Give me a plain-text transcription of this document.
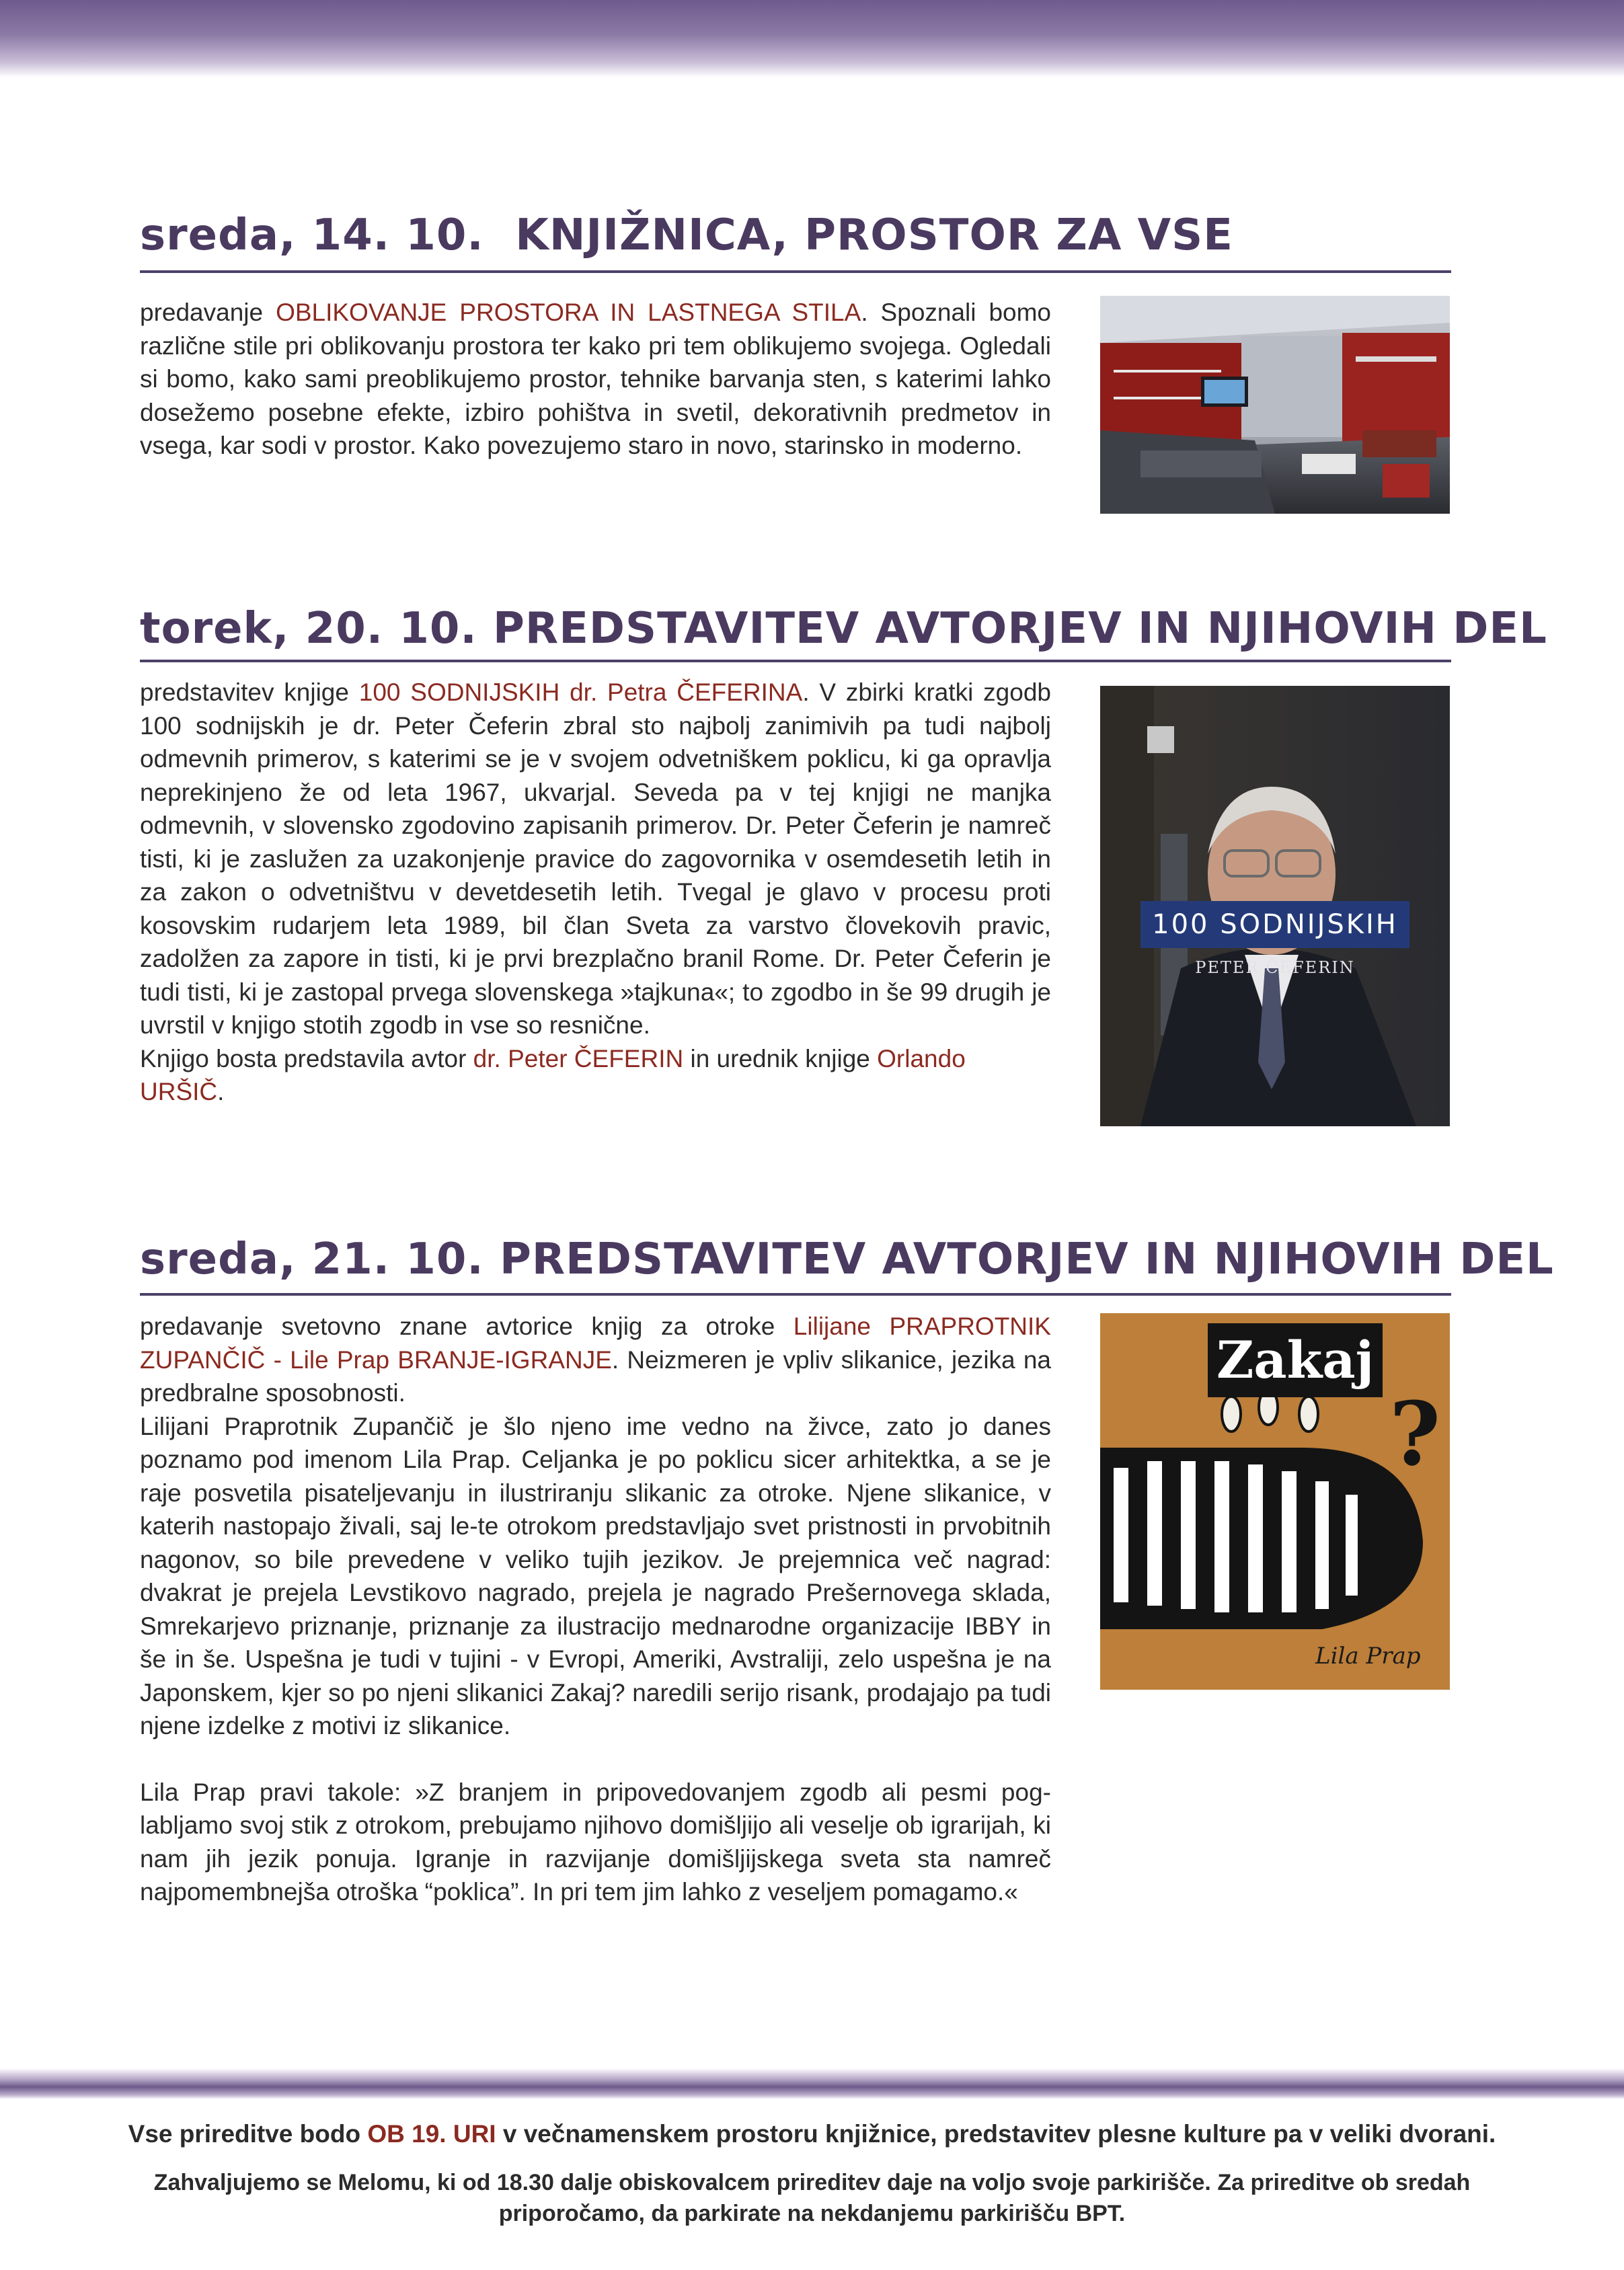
sreda, 14. 10. KNJIŽNICA, PROSTOR ZA VSE

predavanje OBLIKOVANJE PROSTORA IN LASTNEGA STILA. Spoznali bomo različne stile pri oblikovanju prostora ter kako pri tem oblikujemo svojega. Ogledali si bomo, kako sami preoblikujemo prostor, tehnike barvanja sten, s katerimi lahko dosežemo posebne efekte, izbiro pohištva in svetil, dekorativnih predmetov in vsega, kar sodi v prostor. Kako povezujemo staro in novo, starinsko in moderno.

torek, 20. 10. PREDSTAVITEV AVTORJEV IN NJIHOVIH DEL

predstavitev knjige 100 SODNIJSKIH dr. Petra ČEFERINA. V zbirki kratki zgodb 100 sodnijskih je dr. Peter Čeferin zbral sto najbolj zanimivih pa tudi najbolj odmevnih primerov, s katerimi se je v svojem odvetniškem poklicu, ki ga opravlja neprekinjeno že od leta 1967, ukvarjal. Seveda pa v tej knjigi ne manjka odmevnih, v slovensko zgodovino zapisanih primerov. Dr. Peter Čeferin je namreč tisti, ki je zaslužen za uzakonjenje pravice do zagovornika v osemdesetih letih in za zakon o odvetništvu v devetdesetih letih. Tvegal je glavo v procesu proti kosovskim rudarjem leta 1989, bil član Sveta za varstvo človekovih pravic, zadolžen za zapore in tisti, ki je prvi brezplačno branil Rome. Dr. Peter Čeferin je tudi tisti, ki je zastopal prvega slovenskega »tajkuna«; to zgodbo in še 99 drugih je uvrstil v knjigo stotih zgodb in vse so resnične.

Knjigo bosta predstavila avtor dr. Peter ČEFERIN in urednik knjige Orlando URŠIČ.

100 SODNIJSKIH
PETER ČEFERIN
sreda, 21. 10. PREDSTAVITEV AVTORJEV IN NJIHOVIH DEL

predavanje svetovno znane avtorice knjig za otroke Lilijane PRAPROTNIK ZUPANČIČ - Lile Prap BRANJE-IGRANJE. Neizmeren je vpliv slikanice, jezika na predbralne sposobnosti.

Lilijani Praprotnik Zupančič je šlo njeno ime vedno na živce, zato jo danes poznamo pod imenom Lila Prap. Celjanka je po poklicu sicer arhitektka, a se je raje posvetila pisateljevanju in ilustriranju slikanic za otroke. Njene slikanice, v katerih nastopajo živali, saj le-te otrokom predstavljajo svet pristnosti in prvobitnih nagonov, so bile prevedene v veliko tujih jezikov. Je prejemnica več nagrad: dvakrat je prejela Levstikovo nagrado, prejela je nagrado Prešernovega sklada, Smrekarjevo priznanje, priznanje za ilustracijo mednarodne organizacije IBBY in še in še. Uspešna je tudi v tujini - v Evropi, Ameriki, Avstraliji, zelo uspešna je na Japonskem, kjer so po njeni slikanici Zakaj? naredili serijo risank, prodajajo pa tudi njene izdelke z motivi iz slikanice.

Lila Prap pravi takole: »Z branjem in pripovedovanjem zgodb ali pesmi poglabljamo svoj stik z otrokom, prebujamo njihovo domišljijo ali veselje ob igrarijah, ki nam jih jezik ponuja. Igranje in razvijanje domišljijskega sveta sta namreč najpomembnejša otroška “poklica”. In pri tem jim lahko z veseljem pomagamo.«

Zakaj
?
Lila Prap
Vse prireditve bodo OB 19. URI v večnamenskem prostoru knjižnice, predstavitev plesne kulture pa v veliki dvorani.
Zahvaljujemo se Melomu, ki od 18.30 dalje obiskovalcem prireditev daje na voljo svoje parkirišče. Za prireditve ob sredah
priporočamo, da parkirate na nekdanjemu parkirišču BPT.
